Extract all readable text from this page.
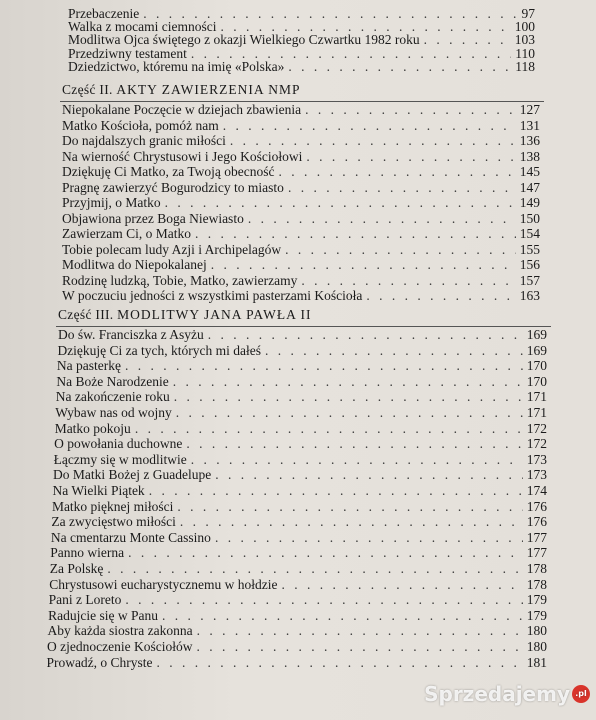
Przebaczenie . . .	97
Walka z mocami ciemności . . .	100
Modlitwa Ojca świętego z okazji Wielkiego Czwartku 1982 roku . . .	103
Przedziwny testament . . .	110
Dziedzictwo, któremu na imię «Polska» . . .	118
Część II. AKTY ZAWIERZENIA NMP
Niepokalane Poczęcie w dziejach zbawienia . . .	127
Matko Kościoła, pomóż nam . . .	131
Do najdalszych granic miłości . . .	136
Na wierność Chrystusowi i Jego Kościołowi . . .	138
Dziękuję Ci Matko, za Twoją obecność . . .	145
Pragnę zawierzyć Bogurodzicy to miasto . . .	147
Przyjmij, o Matko . . .	149
Objawiona przez Boga Niewiasto . . .	150
Zawierzam Ci, o Matko . . .	154
Tobie polecam ludy Azji i Archipelagów . . .	155
Modlitwa do Niepokalanej . . .	156
Rodzinę ludzką, Tobie, Matko, zawierzamy . . .	157
W poczuciu jedności z wszystkimi pasterzami Kościoła . . .	163
Część III. MODLITWY JANA PAWŁA II
Do św. Franciszka z Asyżu . . .	169
Dziękuję Ci za tych, których mi dałeś . . .	169
Na pasterkę . . .	170
Na Boże Narodzenie . . .	170
Na zakończenie roku . . .	171
Wybaw nas od wojny . . .	171
Matko pokoju . . .	172
O powołania duchowne . . .	172
Łączmy się w modlitwie . . .	173
Do Matki Bożej z Guadelupe . . .	173
Na Wielki Piątek . . .	174
Matko pięknej miłości . . .	176
Za zwycięstwo miłości . . .	176
Na cmentarzu Monte Cassino . . .	177
Panno wierna . . .	177
Za Polskę . . .	178
Chrystusowi eucharystycznemu w hołdzie . . .	178
Pani z Loreto . . .	179
Radujcie się w Panu . . .	179
Aby każda siostra zakonna . . .	180
O zjednoczenie Kościołów . . .	180
Prowadź, o Chryste . . .	181
Sprzedajemy .pl
